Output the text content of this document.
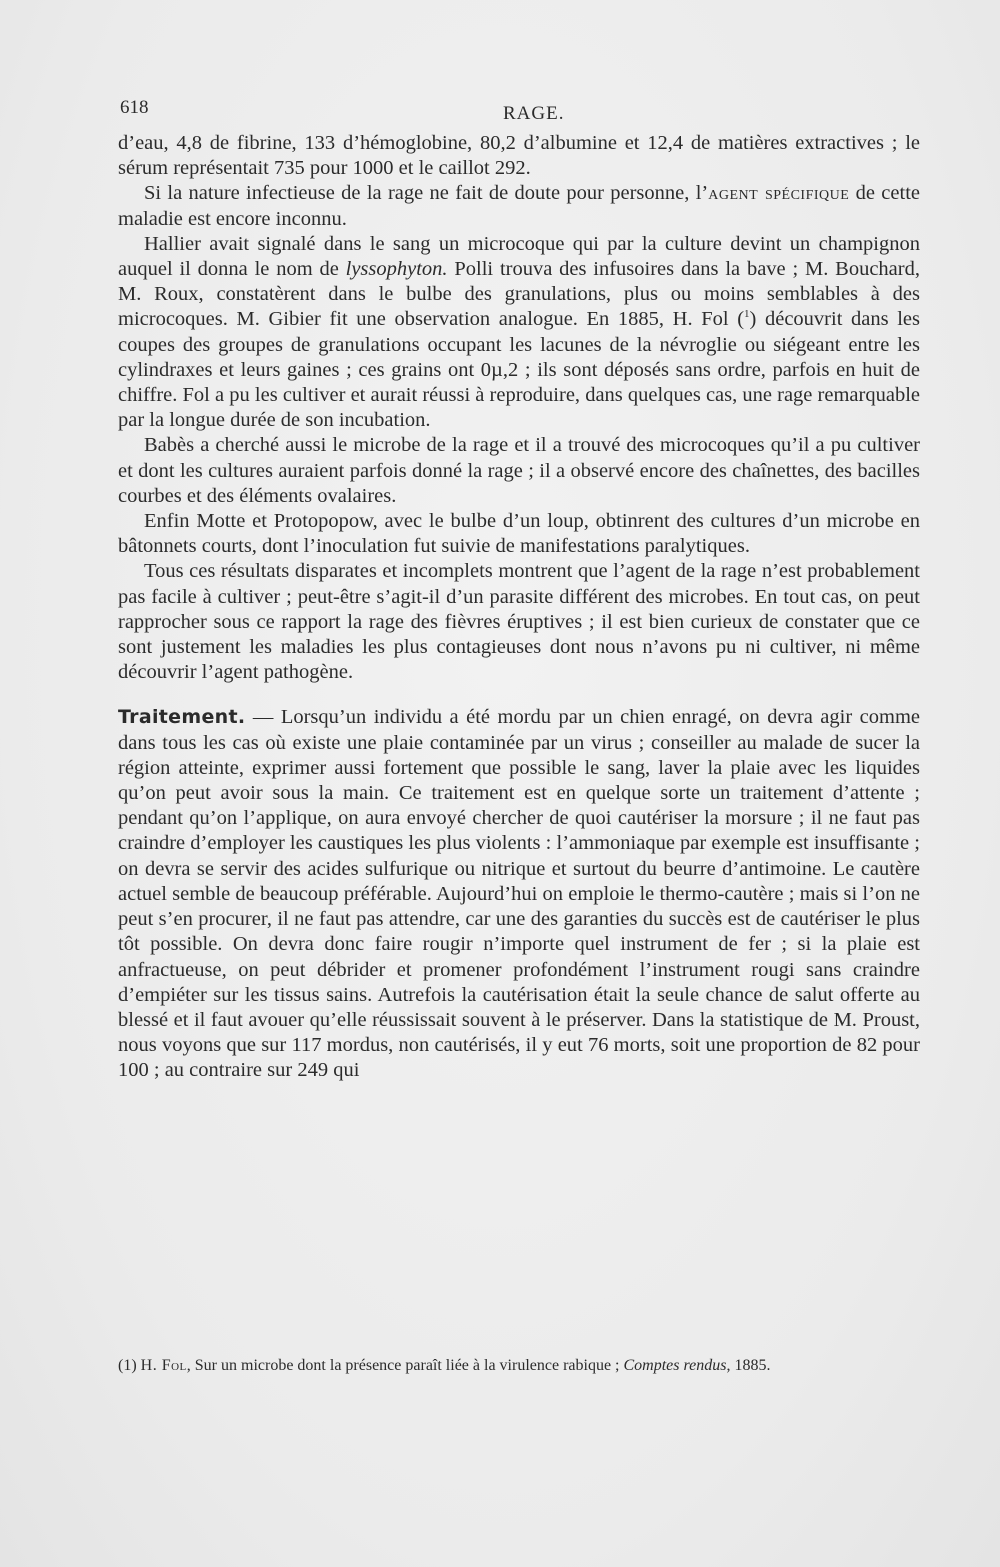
618	RAGE.

d’eau, 4,8 de fibrine, 133 d’hémoglobine, 80,2 d’albumine et 12,4 de matières extractives ; le sérum représentait 735 pour 1000 et le caillot 292.

Si la nature infectieuse de la rage ne fait de doute pour personne, l’agent spécifique de cette maladie est encore inconnu.

Hallier avait signalé dans le sang un microcoque qui par la culture devint un champignon auquel il donna le nom de lyssophyton. Polli trouva des infusoires dans la bave ; M. Bouchard, M. Roux, constatèrent dans le bulbe des granulations, plus ou moins semblables à des microcoques. M. Gibier fit une observation analogue. En 1885, H. Fol ($^1$) découvrit dans les coupes des groupes de granulations occupant les lacunes de la névroglie ou siégeant entre les cylindraxes et leurs gaines ; ces grains ont 0µ,2 ; ils sont déposés sans ordre, parfois en huit de chiffre. Fol a pu les cultiver et aurait réussi à reproduire, dans quelques cas, une rage remarquable par la longue durée de son incubation.

Babès a cherché aussi le microbe de la rage et il a trouvé des microcoques qu’il a pu cultiver et dont les cultures auraient parfois donné la rage ; il a observé encore des chaînettes, des bacilles courbes et des éléments ovalaires.

Enfin Motte et Protopopow, avec le bulbe d’un loup, obtinrent des cultures d’un microbe en bâtonnets courts, dont l’inoculation fut suivie de manifestations paralytiques.

Tous ces résultats disparates et incomplets montrent que l’agent de la rage n’est probablement pas facile à cultiver ; peut-être s’agit-il d’un parasite différent des microbes. En tout cas, on peut rapprocher sous ce rapport la rage des fièvres éruptives ; il est bien curieux de constater que ce sont justement les maladies les plus contagieuses dont nous n’avons pu ni cultiver, ni même découvrir l’agent pathogène.

Traitement. — Lorsqu’un individu a été mordu par un chien enragé, on devra agir comme dans tous les cas où existe une plaie contaminée par un virus ; conseiller au malade de sucer la région atteinte, exprimer aussi fortement que possible le sang, laver la plaie avec les liquides qu’on peut avoir sous la main. Ce traitement est en quelque sorte un traitement d’attente ; pendant qu’on l’applique, on aura envoyé chercher de quoi cautériser la morsure ; il ne faut pas craindre d’employer les caustiques les plus violents : l’ammoniaque par exemple est insuffisante ; on devra se servir des acides sulfurique ou nitrique et surtout du beurre d’antimoine. Le cautère actuel semble de beaucoup préférable. Aujourd’hui on emploie le thermo-cautère ; mais si l’on ne peut s’en procurer, il ne faut pas attendre, car une des garanties du succès est de cautériser le plus tôt possible. On devra donc faire rougir n’importe quel instrument de fer ; si la plaie est anfractueuse, on peut débrider et promener profondément l’instrument rougi sans craindre d’empiéter sur les tissus sains. Autrefois la cautérisation était la seule chance de salut offerte au blessé et il faut avouer qu’elle réussissait souvent à le préserver. Dans la statistique de M. Proust, nous voyons que sur 117 mordus, non cautérisés, il y eut 76 morts, soit une proportion de 82 pour 100 ; au contraire sur 249 qui

(1) H. Fol, Sur un microbe dont la présence paraît liée à la virulence rabique ; Comptes rendus, 1885.
